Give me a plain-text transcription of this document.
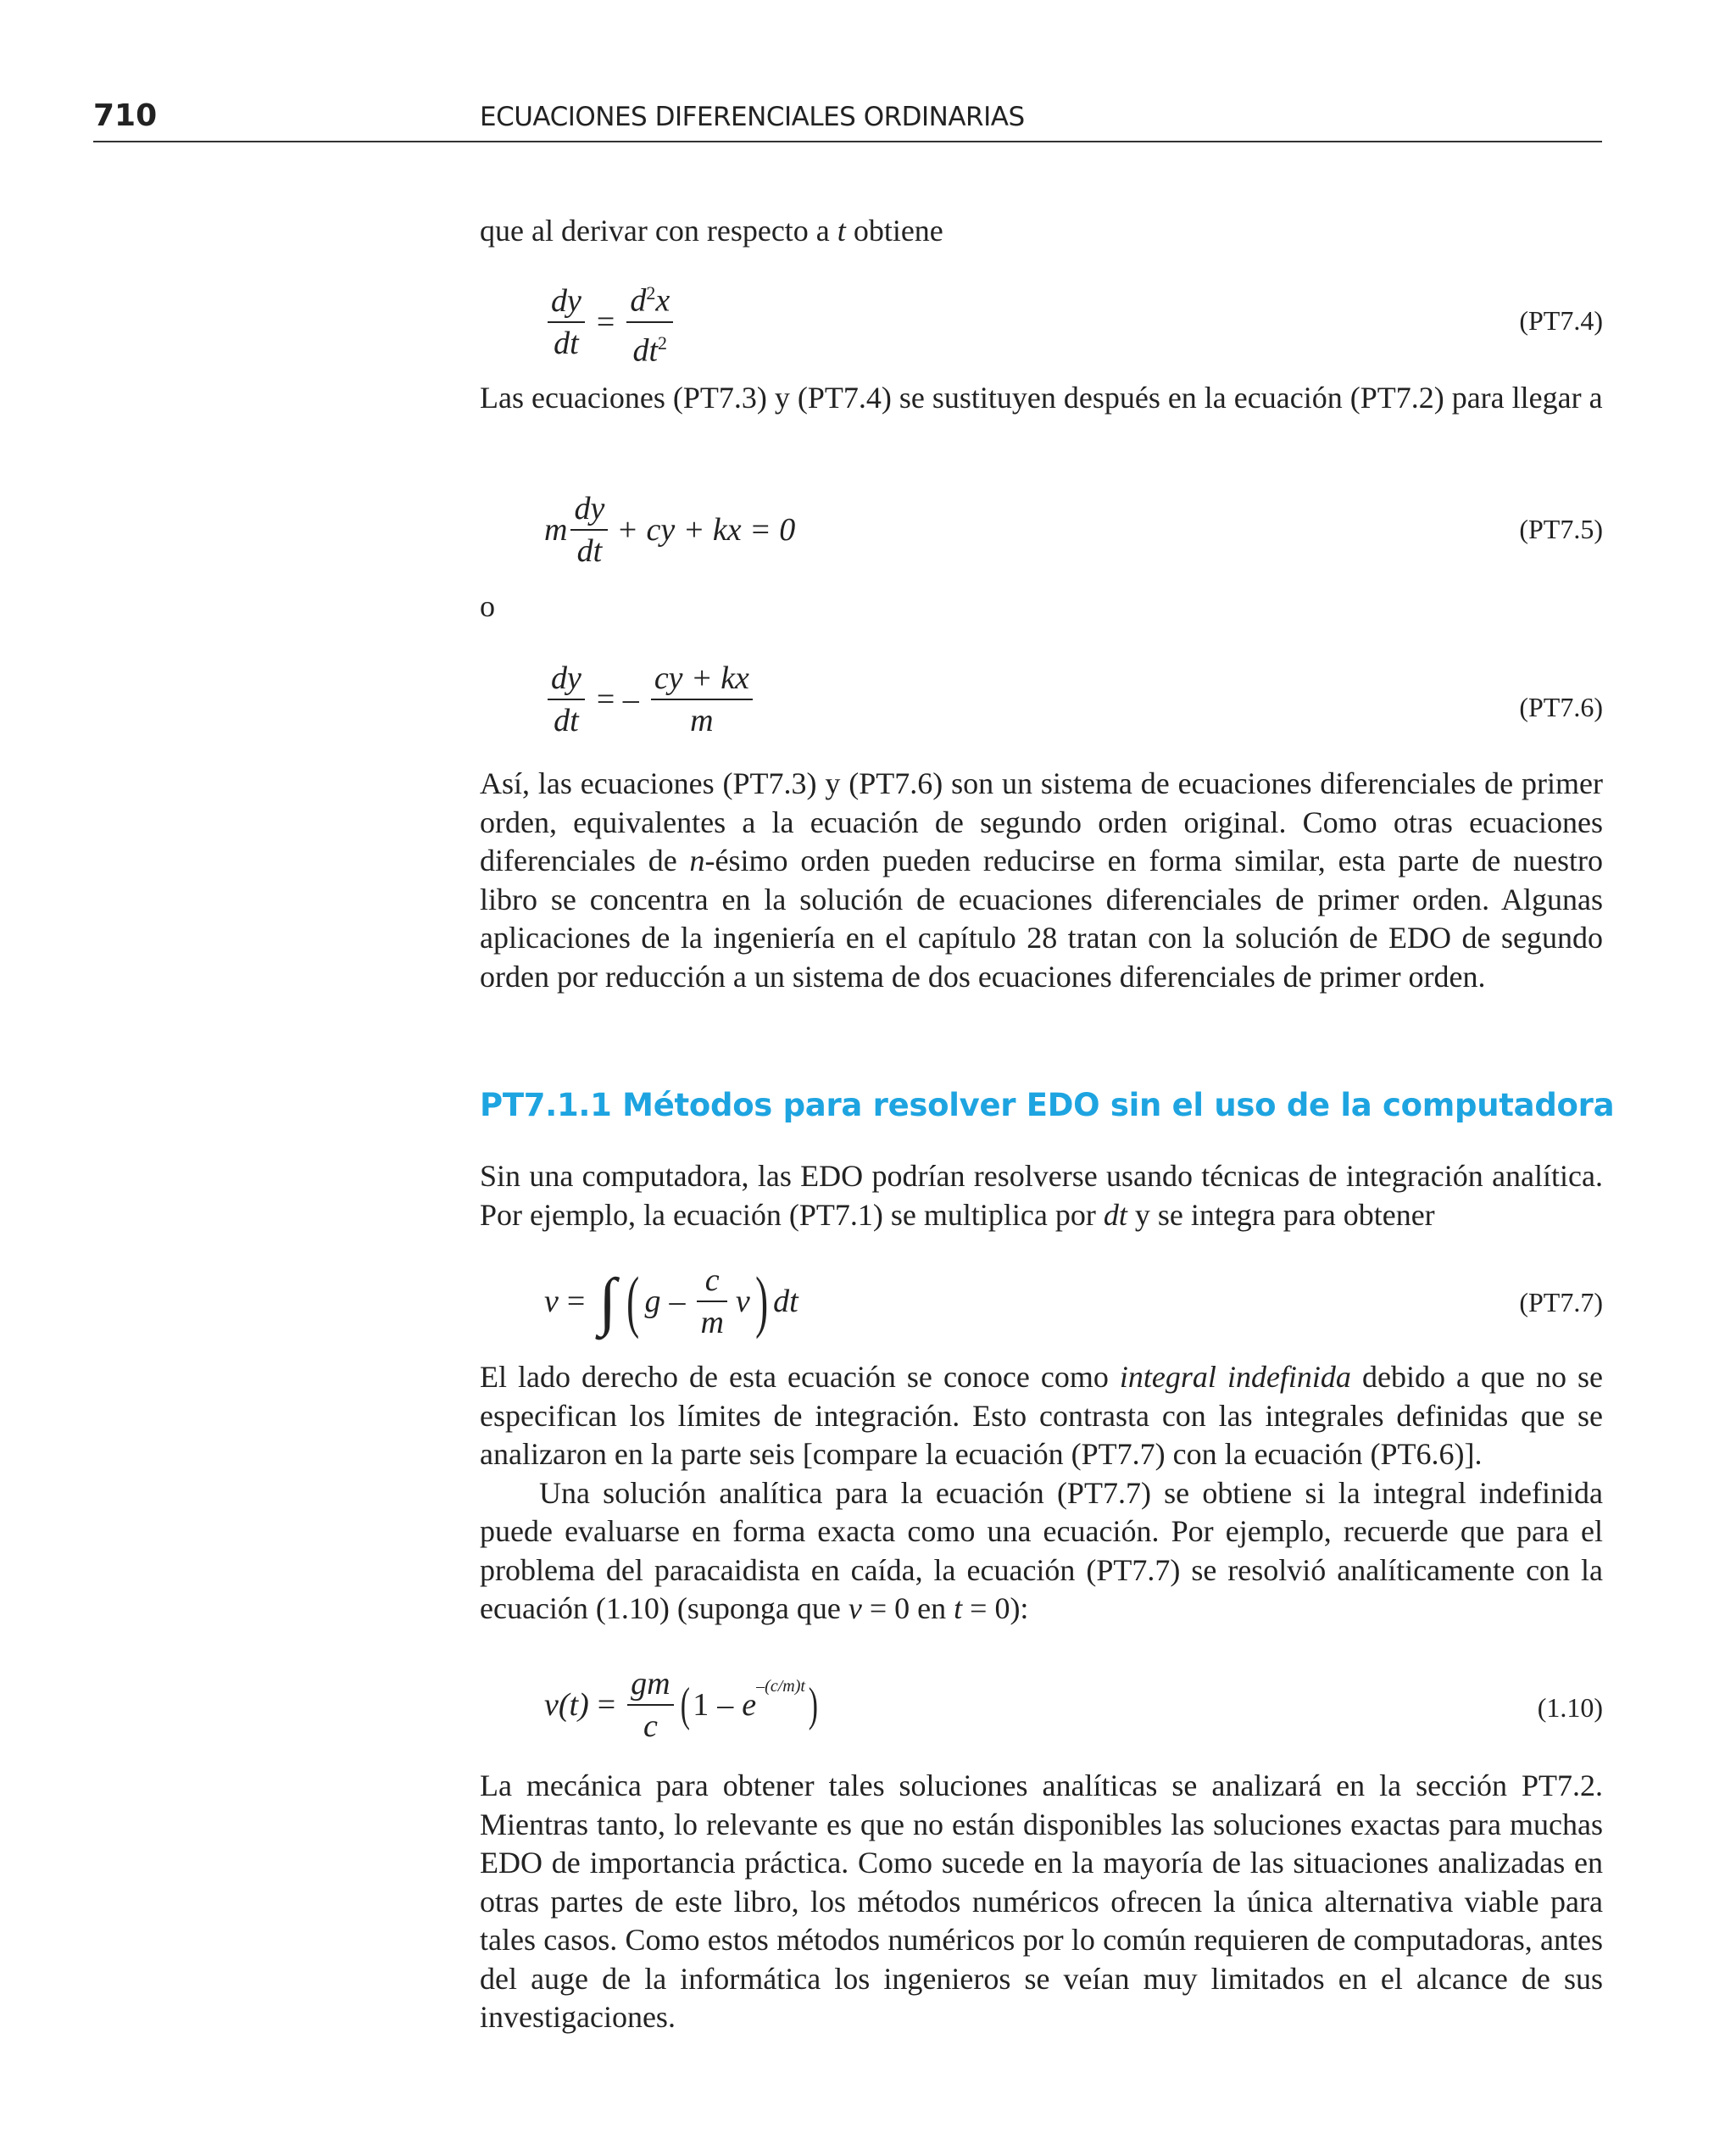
710	ECUACIONES DIFERENCIALES ORDINARIAS

que al derivar con respecto a t obtiene

$\frac{dy}{dt} = \frac{d^2x}{dt^2}$	(PT7.4)

Las ecuaciones (PT7.3) y (PT7.4) se sustituyen después en la ecuación (PT7.2) para llegar a

m $\frac{dy}{dt}$ + cy + kx = 0	(PT7.5)
o
$\frac{dy}{dt}$ = – $\frac{cy + kx}{m}$	(PT7.6)

Así, las ecuaciones (PT7.3) y (PT7.6) son un sistema de ecuaciones diferenciales de primer orden, equivalentes a la ecuación de segundo orden original. Como otras ecuaciones diferenciales de n-ésimo orden pueden reducirse en forma similar, esta parte de nuestro libro se concentra en la solución de ecuaciones diferenciales de primer orden. Algunas aplicaciones de la ingeniería en el capítulo 28 tratan con la solución de EDO de segundo orden por reducción a un sistema de dos ecuaciones diferenciales de primer orden.

PT7.1.1 Métodos para resolver EDO sin el uso de la computadora

Sin una computadora, las EDO podrían resolverse usando técnicas de integración analítica. Por ejemplo, la ecuación (PT7.1) se multiplica por dt y se integra para obtener

v = ∫ ( g – $\frac{c}{m}$ v ) dt	(PT7.7)

El lado derecho de esta ecuación se conoce como integral indefinida debido a que no se especifican los límites de integración. Esto contrasta con las integrales definidas que se analizaron en la parte seis [compare la ecuación (PT7.7) con la ecuación (PT6.6)].

Una solución analítica para la ecuación (PT7.7) se obtiene si la integral indefinida puede evaluarse en forma exacta como una ecuación. Por ejemplo, recuerde que para el problema del paracaidista en caída, la ecuación (PT7.7) se resolvió analíticamente con la ecuación (1.10) (suponga que v = 0 en t = 0):

$v(t) = \frac{gm}{c}$ ( 1 – e
–(c/m)t )	(1.10)

La mecánica para obtener tales soluciones analíticas se analizará en la sección PT7.2. Mientras tanto, lo relevante es que no están disponibles las soluciones exactas para muchas EDO de importancia práctica. Como sucede en la mayoría de las situaciones analizadas en otras partes de este libro, los métodos numéricos ofrecen la única alternativa viable para tales casos. Como estos métodos numéricos por lo común requieren de computadoras, antes del auge de la informática los ingenieros se veían muy limitados en el alcance de sus investigaciones.
